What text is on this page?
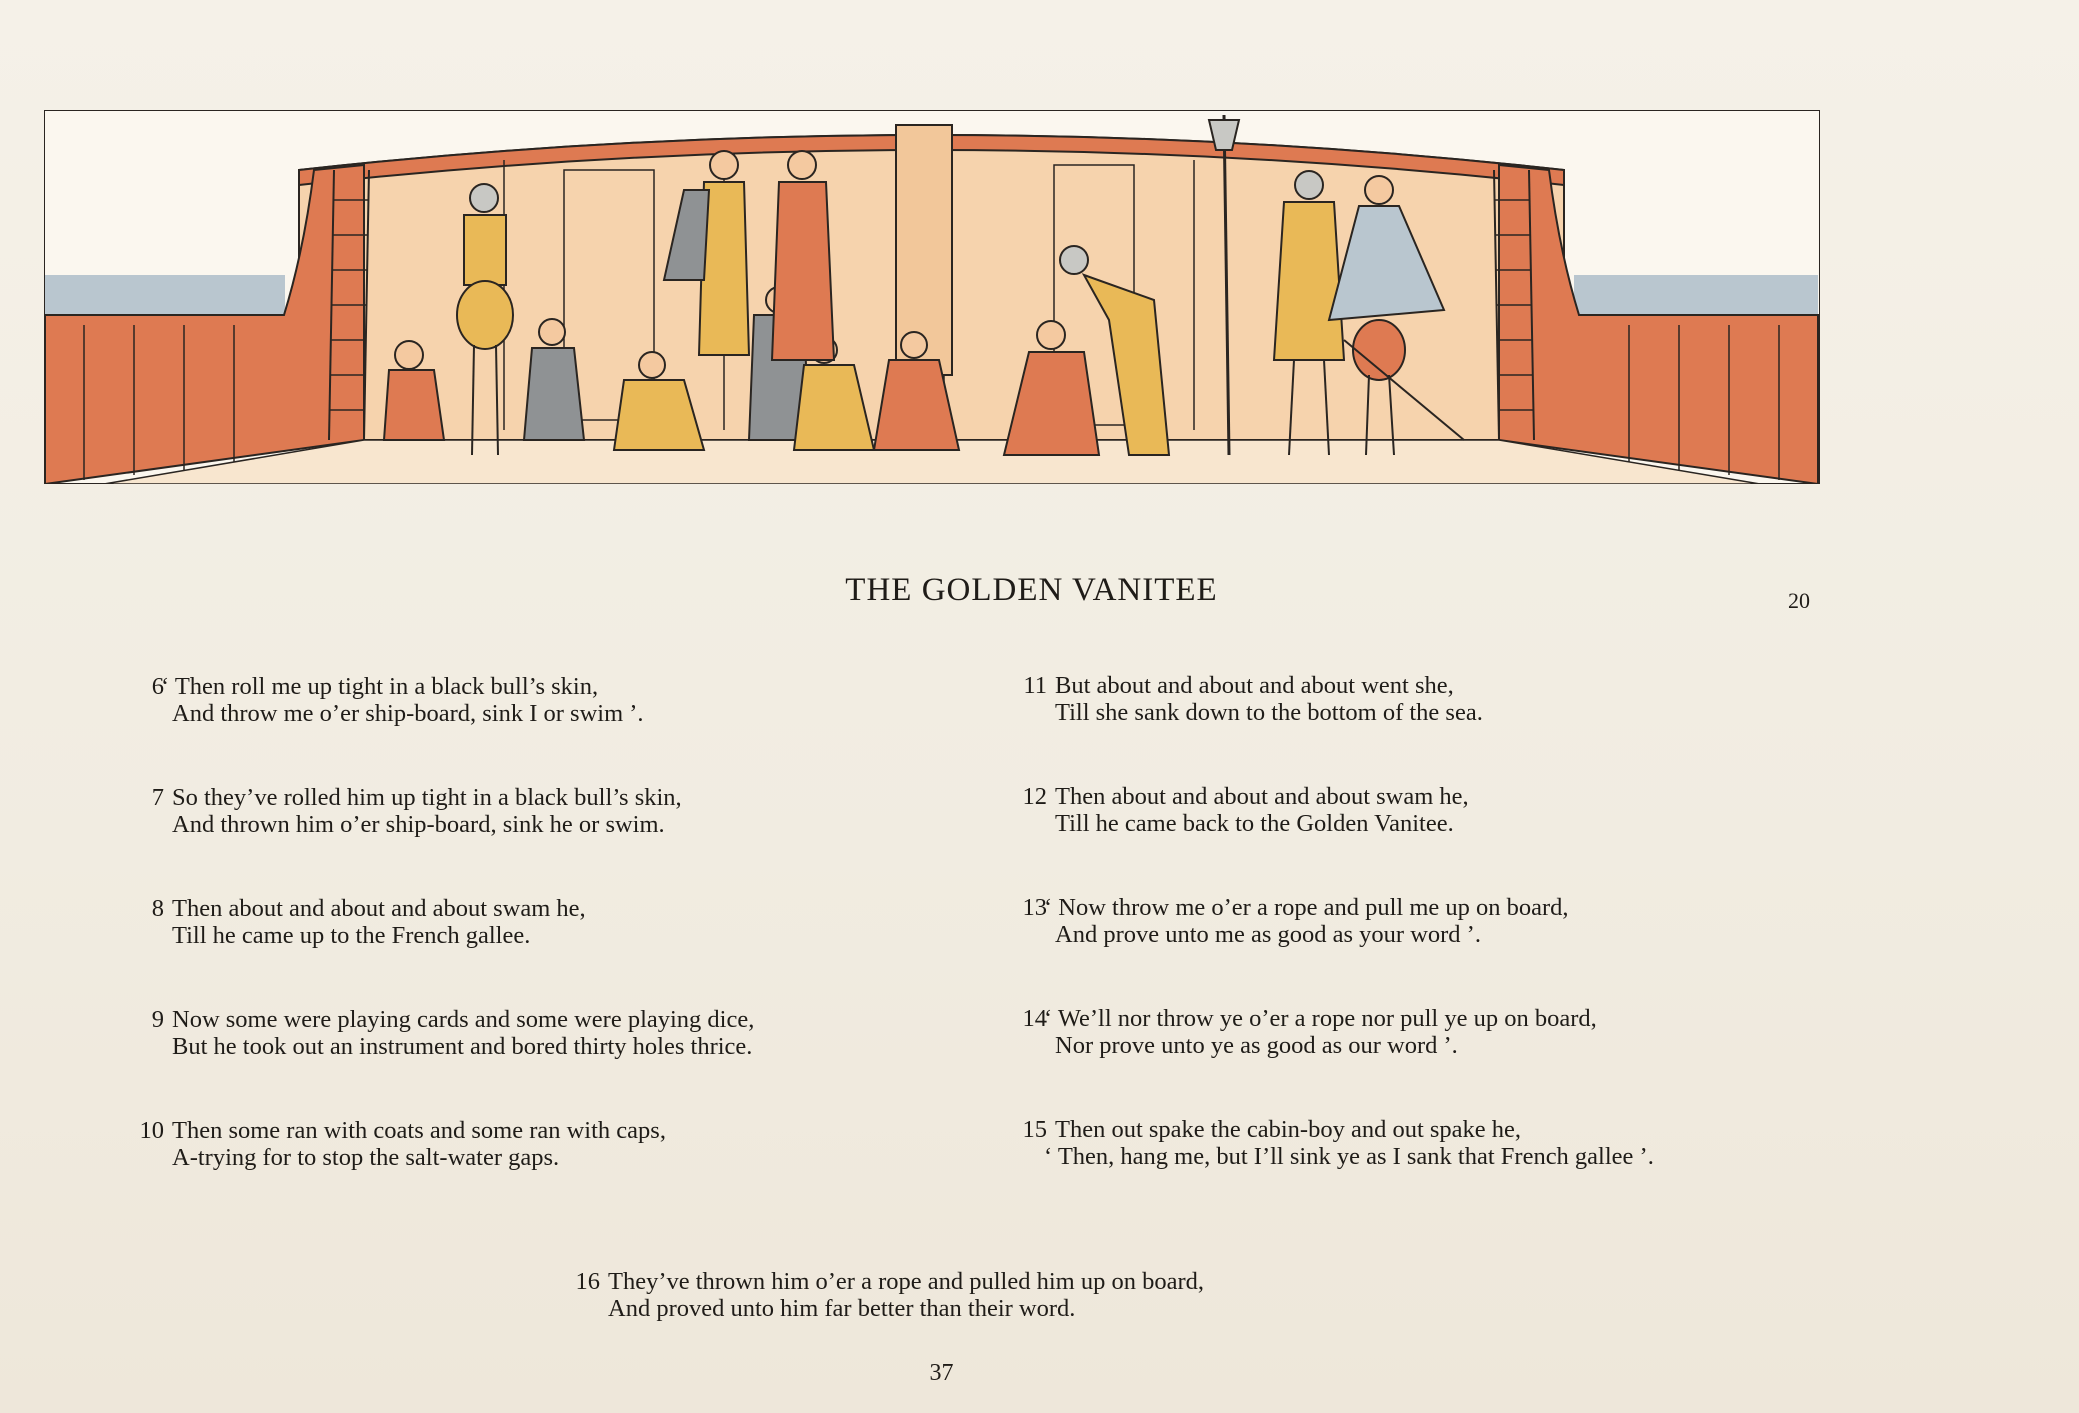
THE GOLDEN VANITEE	20
6
‘ Then roll me up tight in a black bull’s skin,
And throw me o’er ship-board, sink I or swim ’.
7 So they’ve rolled him up tight in a black bull’s skin,
And thrown him o’er ship-board, sink he or swim.
8 Then about and about and about swam he,
Till he came up to the French gallee.
9 Now some were playing cards and some were playing dice,
But he took out an instrument and bored thirty holes thrice.
10 Then some ran with coats and some ran with caps,
A-trying for to stop the salt-water gaps.
11 But about and about and about went she,
Till she sank down to the bottom of the sea.
12 Then about and about and about swam he,
Till he came back to the Golden Vanitee.
13
‘ Now throw me o’er a rope and pull me up on board,
And prove unto me as good as your word ’.
14
‘ We’ll nor throw ye o’er a rope nor pull ye up on board,
Nor prove unto ye as good as our word ’.
15 Then out spake the cabin-boy and out spake he,
‘ Then, hang me, but I’ll sink ye as I sank that French gallee ’.
16 They’ve thrown him o’er a rope and pulled him up on board,
And proved unto him far better than their word.
37
